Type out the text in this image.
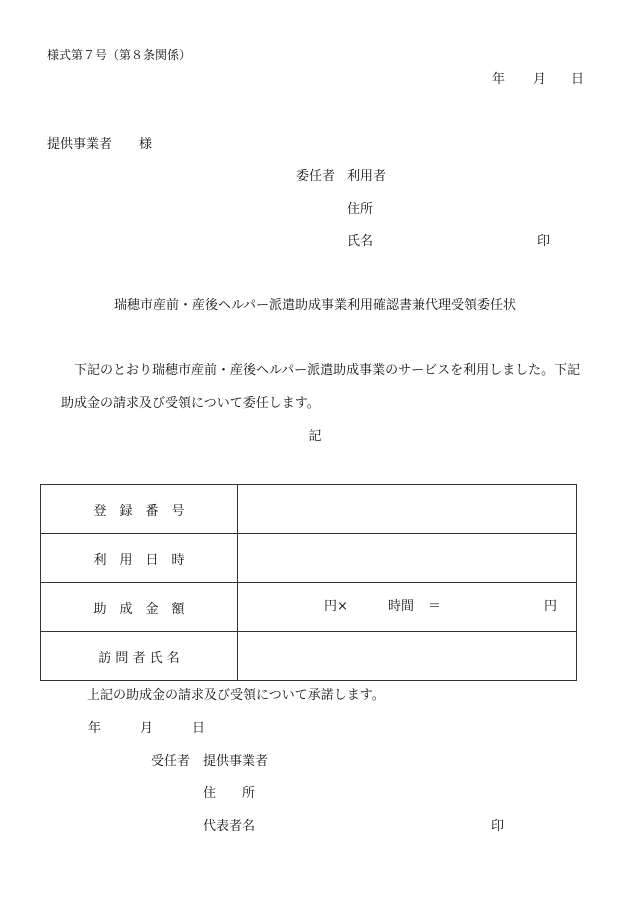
様式第７号（第８条関係）
年 月 日
提供事業者 様
委任者 利用者
住所
氏名	印
瑞穂市産前・産後ヘルパー派遣助成事業利用確認書兼代理受領委任状
下記のとおり瑞穂市産前・産後ヘルパー派遣助成事業のサービスを利用しました。下記
助成金の請求及び受領について委任します。
記
登　録　番　号	
利　用　日　時	
助　成　金　額	円× 時間 ＝ 円

訪 問 者 氏 名	
上記の助成金の請求及び受領について承諾します。
年	月	日
受任者 提供事業者
住　　所
代表者名	印
